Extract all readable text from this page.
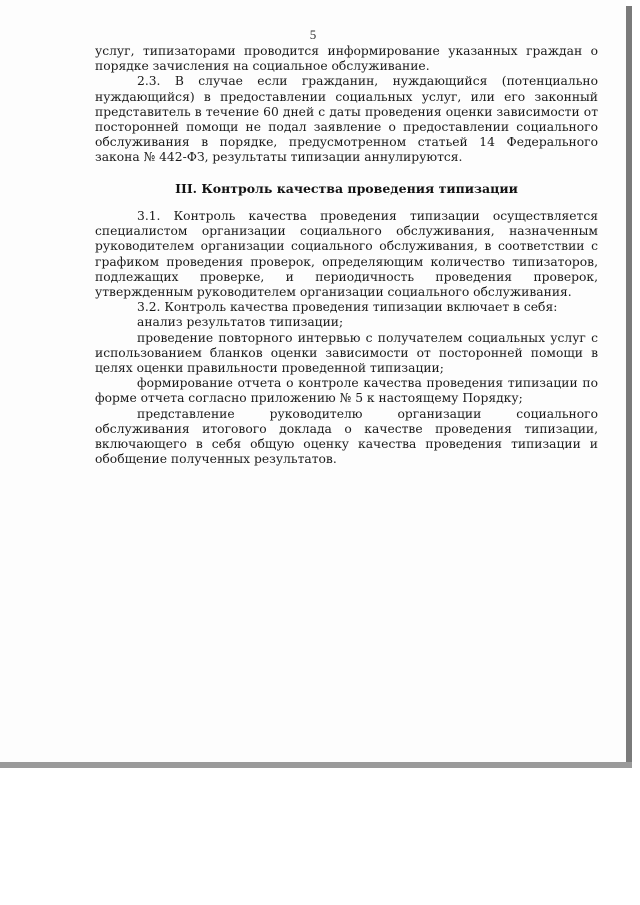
5

услуг, типизаторами проводится информирование указанных граждан о порядке зачисления на социальное обслуживание.

2.3. В случае если гражданин, нуждающийся (потенциально нуждающийся) в предоставлении социальных услуг, или его законный представитель в течение 60 дней с даты проведения оценки зависимости от посторонней помощи не подал заявление о предоставлении социального обслуживания в порядке, предусмотренном статьей 14 Федерального закона № 442-ФЗ, результаты типизации аннулируются.

III. Контроль качества проведения типизации

3.1. Контроль качества проведения типизации осуществляется специалистом организации социального обслуживания, назначенным руководителем организации социального обслуживания, в соответствии с графиком проведения проверок, определяющим количество типизаторов, подлежащих проверке, и периодичность проведения проверок, утвержденным руководителем организации социального обслуживания.

3.2. Контроль качества проведения типизации включает в себя:

анализ результатов типизации;

проведение повторного интервью с получателем социальных услуг с использованием бланков оценки зависимости от посторонней помощи в целях оценки правильности проведенной типизации;

формирование отчета о контроле качества проведения типизации по форме отчета согласно приложению № 5 к настоящему Порядку;

представление руководителю организации социального обслуживания итогового доклада о качестве проведения типизации, включающего в себя общую оценку качества проведения типизации и обобщение полученных результатов.
